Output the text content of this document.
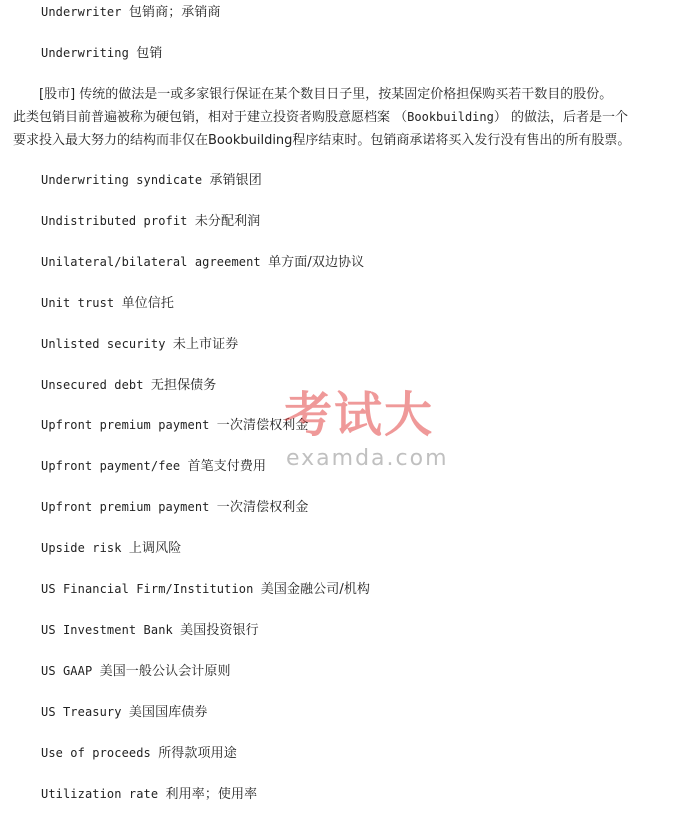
Underwriter 包销商；承销商
Underwriting 包销
[股市] 传统的做法是一或多家银行保证在某个数目日子里，按某固定价格担保购买若干数目的股份。
此类包销目前普遍被称为硬包销，相对于建立投资者购股意愿档案 （Bookbuilding） 的做法，后者是一个
要求投入最大努力的结构而非仅在Bookbuilding程序结束时。包销商承诺将买入发行没有售出的所有股票。
Underwriting syndicate 承销银团
Undistributed profit 未分配利润
Unilateral/bilateral agreement 单方面/双边协议
Unit trust 单位信托
Unlisted security 未上市证券
Unsecured debt 无担保债务
Upfront premium payment 一次清偿权利金
Upfront payment/fee 首笔支付费用
Upfront premium payment 一次清偿权利金
Upside risk 上调风险
US Financial Firm/Institution 美国金融公司/机构
US Investment Bank 美国投资银行
US GAAP 美国一般公认会计原则
US Treasury 美国国库债券
Use of proceeds 所得款项用途
Utilization rate 利用率；使用率
考试大
examda.com
